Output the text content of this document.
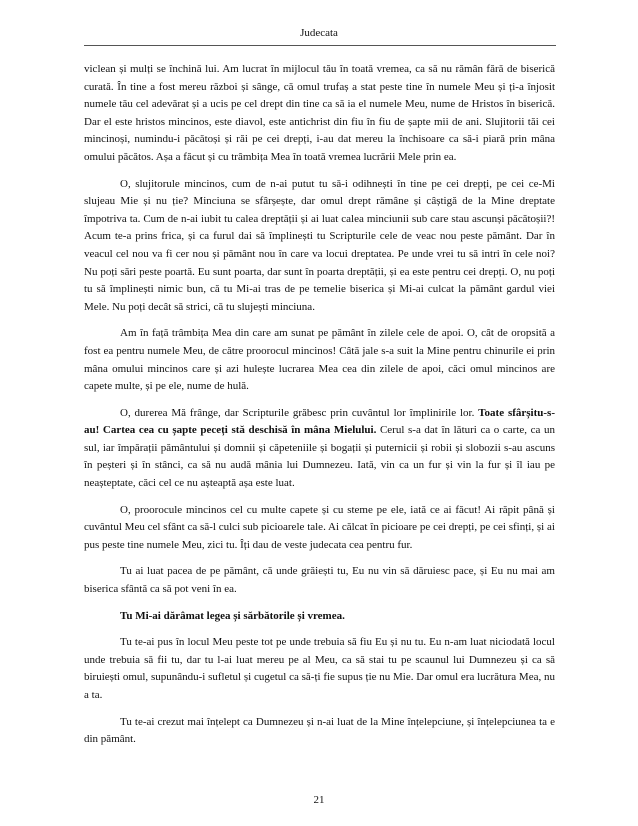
Judecata

viclean și mulți se închină lui. Am lucrat în mijlocul tău în toată vremea, ca să nu rămân fără de biserică curată. În tine a fost mereu război și sânge, că omul trufaș a stat peste tine în numele Meu și ți-a înjosit numele tău cel adevărat și a ucis pe cel drept din tine ca să ia el numele Meu, nume de Hristos în biserică. Dar el este hristos mincinos, este diavol, este antichrist din fiu în fiu de șapte mii de ani. Slujitorii tăi cei mincinoși, numindu-i păcătoși și răi pe cei drepți, i-au dat mereu la închisoare ca să-i piară prin mâna omului păcătos. Așa a făcut și cu trâmbița Mea în toată vremea lucrării Mele prin ea.

O, slujitorule mincinos, cum de n-ai putut tu să-i odihnești în tine pe cei drepți, pe cei ce-Mi slujeau Mie și nu ție? Minciuna se sfârșește, dar omul drept rămâne și câștigă de la Mine dreptate împotriva ta. Cum de n-ai iubit tu calea dreptății și ai luat calea minciunii sub care stau ascunși păcătoșii?! Acum te-a prins frica, și ca furul dai să împlinești tu Scripturile cele de veac nou peste pământ. Dar în veacul cel nou va fi cer nou și pământ nou în care va locui dreptatea. Pe unde vrei tu să intri în cele noi? Nu poți sări peste poartă. Eu sunt poarta, dar sunt în poarta dreptății, și ea este pentru cei drepți. O, nu poți tu să împlinești nimic bun, că tu Mi-ai tras de pe temelie biserica și Mi-ai culcat la pământ gardul viei Mele. Nu poți decât să strici, că tu slujești minciuna.

Am în față trâmbița Mea din care am sunat pe pământ în zilele cele de apoi. O, cât de oropsită a fost ea pentru numele Meu, de către proorocul mincinos! Câtă jale s-a suit la Mine pentru chinurile ei prin mâna omului mincinos care și azi hulește lucrarea Mea cea din zilele de apoi, căci omul mincinos are capete multe, și pe ele, nume de hulă.

O, durerea Mă frânge, dar Scripturile grăbesc prin cuvântul lor împlinirile lor. Toate sfârșitu-s-au! Cartea cea cu șapte peceți stă deschisă în mâna Mielului. Cerul s-a dat în lături ca o carte, ca un sul, iar împărații pământului și domnii și căpeteniile și bogații și puternicii și robii și slobozii s-au ascuns în peșteri și în stânci, ca să nu audă mânia lui Dumnezeu. Iată, vin ca un fur și vin la fur și îl iau pe neașteptate, căci cel ce nu așteaptă așa este luat.

O, proorocule mincinos cel cu multe capete și cu steme pe ele, iată ce ai făcut! Ai răpit până și cuvântul Meu cel sfânt ca să-l culci sub picioarele tale. Ai călcat în picioare pe cei drepți, pe cei sfinți, și ai pus peste tine numele Meu, zici tu. Îți dau de veste judecata cea pentru fur.

Tu ai luat pacea de pe pământ, că unde grăiești tu, Eu nu vin să dăruiesc pace, și Eu nu mai am biserica sfântă ca să pot veni în ea.

Tu Mi-ai dărâmat legea și sărbătorile și vremea.

Tu te-ai pus în locul Meu peste tot pe unde trebuia să fiu Eu și nu tu. Eu n-am luat niciodată locul unde trebuia să fii tu, dar tu l-ai luat mereu pe al Meu, ca să stai tu pe scaunul lui Dumnezeu și ca să biruiești omul, supunându-i sufletul și cugetul ca să-ți fie supus ție nu Mie. Dar omul era lucrătura Mea, nu a ta.

Tu te-ai crezut mai înțelept ca Dumnezeu și n-ai luat de la Mine înțelepciune, și înțelepciunea ta e din pământ.

21
